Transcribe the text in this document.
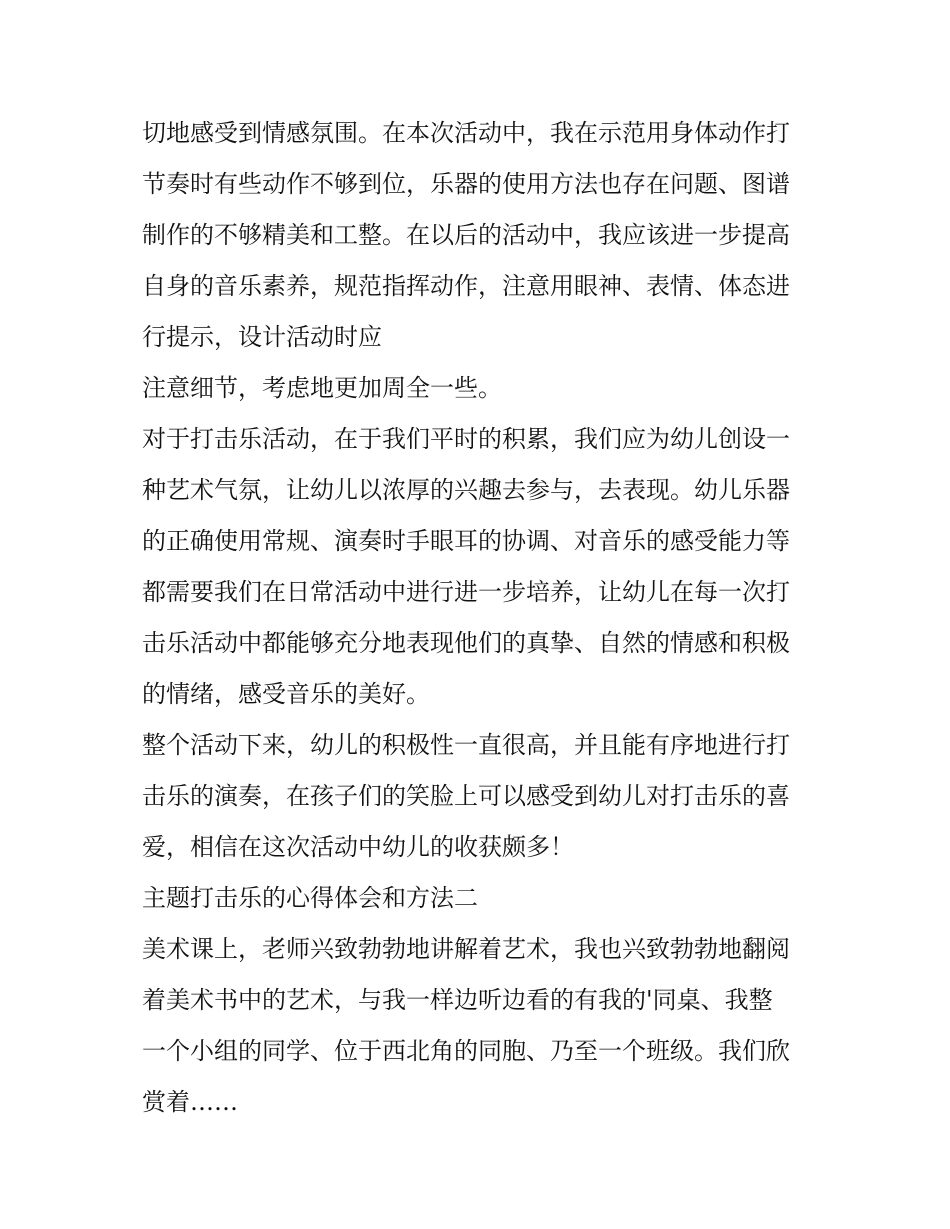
切地感受到情感氛围。在本次活动中，我在示范用身体动作打
节奏时有些动作不够到位，乐器的使用方法也存在问题、图谱
制作的不够精美和工整。在以后的活动中，我应该进一步提高
自身的音乐素养，规范指挥动作，注意用眼神、表情、体态进
行提示，设计活动时应
注意细节，考虑地更加周全一些。
对于打击乐活动，在于我们平时的积累，我们应为幼儿创设一
种艺术气氛，让幼儿以浓厚的兴趣去参与，去表现。幼儿乐器
的正确使用常规、演奏时手眼耳的协调、对音乐的感受能力等
都需要我们在日常活动中进行进一步培养，让幼儿在每一次打
击乐活动中都能够充分地表现他们的真挚、自然的情感和积极
的情绪，感受音乐的美好。
整个活动下来，幼儿的积极性一直很高，并且能有序地进行打
击乐的演奏，在孩子们的笑脸上可以感受到幼儿对打击乐的喜
爱，相信在这次活动中幼儿的收获颇多！
主题打击乐的心得体会和方法二
美术课上，老师兴致勃勃地讲解着艺术，我也兴致勃勃地翻阅
着美术书中的艺术，与我一样边听边看的有我的'同桌、我整
一个小组的同学、位于西北角的同胞、乃至一个班级。我们欣
赏着……
